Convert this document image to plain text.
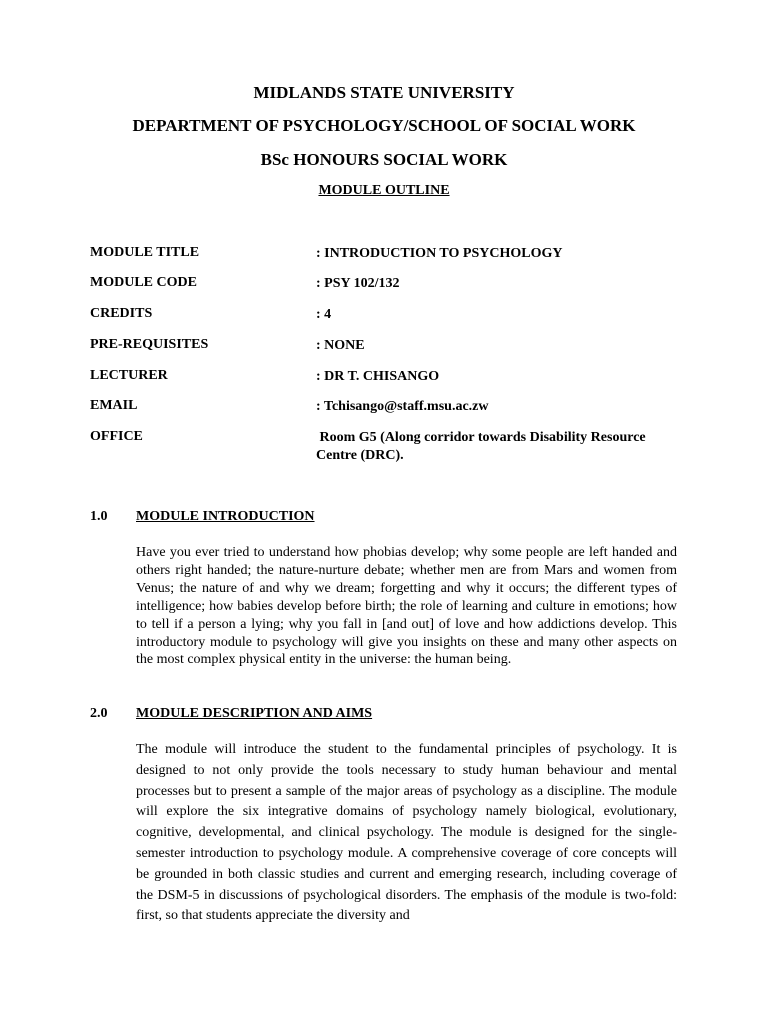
MIDLANDS STATE UNIVERSITY
DEPARTMENT OF PSYCHOLOGY/SCHOOL OF SOCIAL WORK
BSc HONOURS SOCIAL WORK
MODULE OUTLINE
MODULE TITLE	: INTRODUCTION TO PSYCHOLOGY
MODULE CODE	: PSY 102/132
CREDITS	: 4
PRE-REQUISITES	: NONE
LECTURER	: DR T. CHISANGO
EMAIL	: Tchisango@staff.msu.ac.zw
OFFICE	Room G5 (Along corridor towards Disability Resource Centre (DRC).
1.0 MODULE INTRODUCTION

Have you ever tried to understand how phobias develop; why some people are left handed and others right handed; the nature-nurture debate; whether men are from Mars and women from Venus; the nature of and why we dream; forgetting and why it occurs; the different types of intelligence; how babies develop before birth; the role of learning and culture in emotions; how to tell if a person a lying; why you fall in [and out] of love and how addictions develop. This introductory module to psychology will give you insights on these and many other aspects on the most complex physical entity in the universe: the human being.

2.0 MODULE DESCRIPTION AND AIMS

The module will introduce the student to the fundamental principles of psychology. It is designed to not only provide the tools necessary to study human behaviour and mental processes but to present a sample of the major areas of psychology as a discipline. The module will explore the six integrative domains of psychology namely biological, evolutionary, cognitive, developmental, and clinical psychology. The module is designed for the single-semester introduction to psychology module. A comprehensive coverage of core concepts will be grounded in both classic studies and current and emerging research, including coverage of the DSM-5 in discussions of psychological disorders. The emphasis of the module is two-fold: first, so that students appreciate the diversity and
